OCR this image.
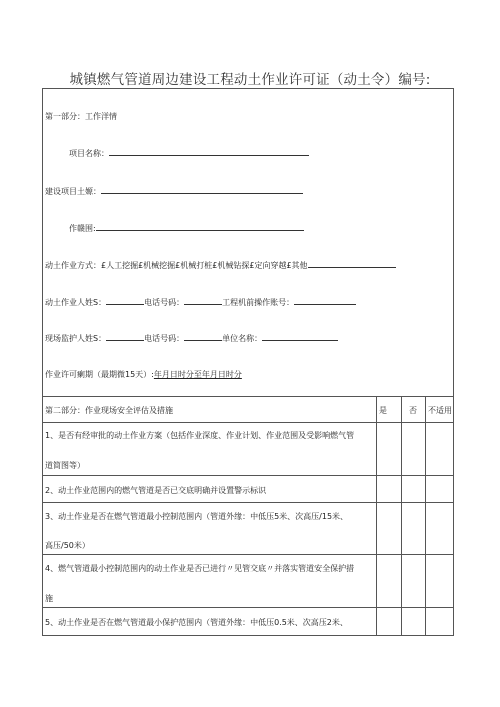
城镇燃气管道周边建设工程动土作业许可证（动土令）编号:
第一部分：工作洋情
项目名称：
建设项目土嫄：
作赣围:
动土作业方式：£人工挖掘£机械挖掘£机械打桩£机械钻探£定向穿越£其他
动土作业人姓S：	电话号码：	工程机前操作账号：
现场监护人姓S：	电话号码：	单位名称：
作业许可瘌期（最期微15天）:年月日时分至年月日时分
第二部分：作业现场安全评估及措施	是	否	不适用
1、是否有经审批的动土作业方案（包括作业深度、作业计划、作业范围及受影响燃气管
道简图等）
2、动土作业范围内的燃气管道是否已交底明确并设置警示标识
3、动土作业是否在燃气管道最小控制范围内（管道外缘：中低压5米、次高压/15米、
高压/50米）
4、燃气管道最小控制范围内的动土作业是否已进行〃见管交底〃并落实管道安全保护措
施
5、动土作业是否在燃气管道最小保护范围内（管道外缘：中低压0.5米、次高压2米、
